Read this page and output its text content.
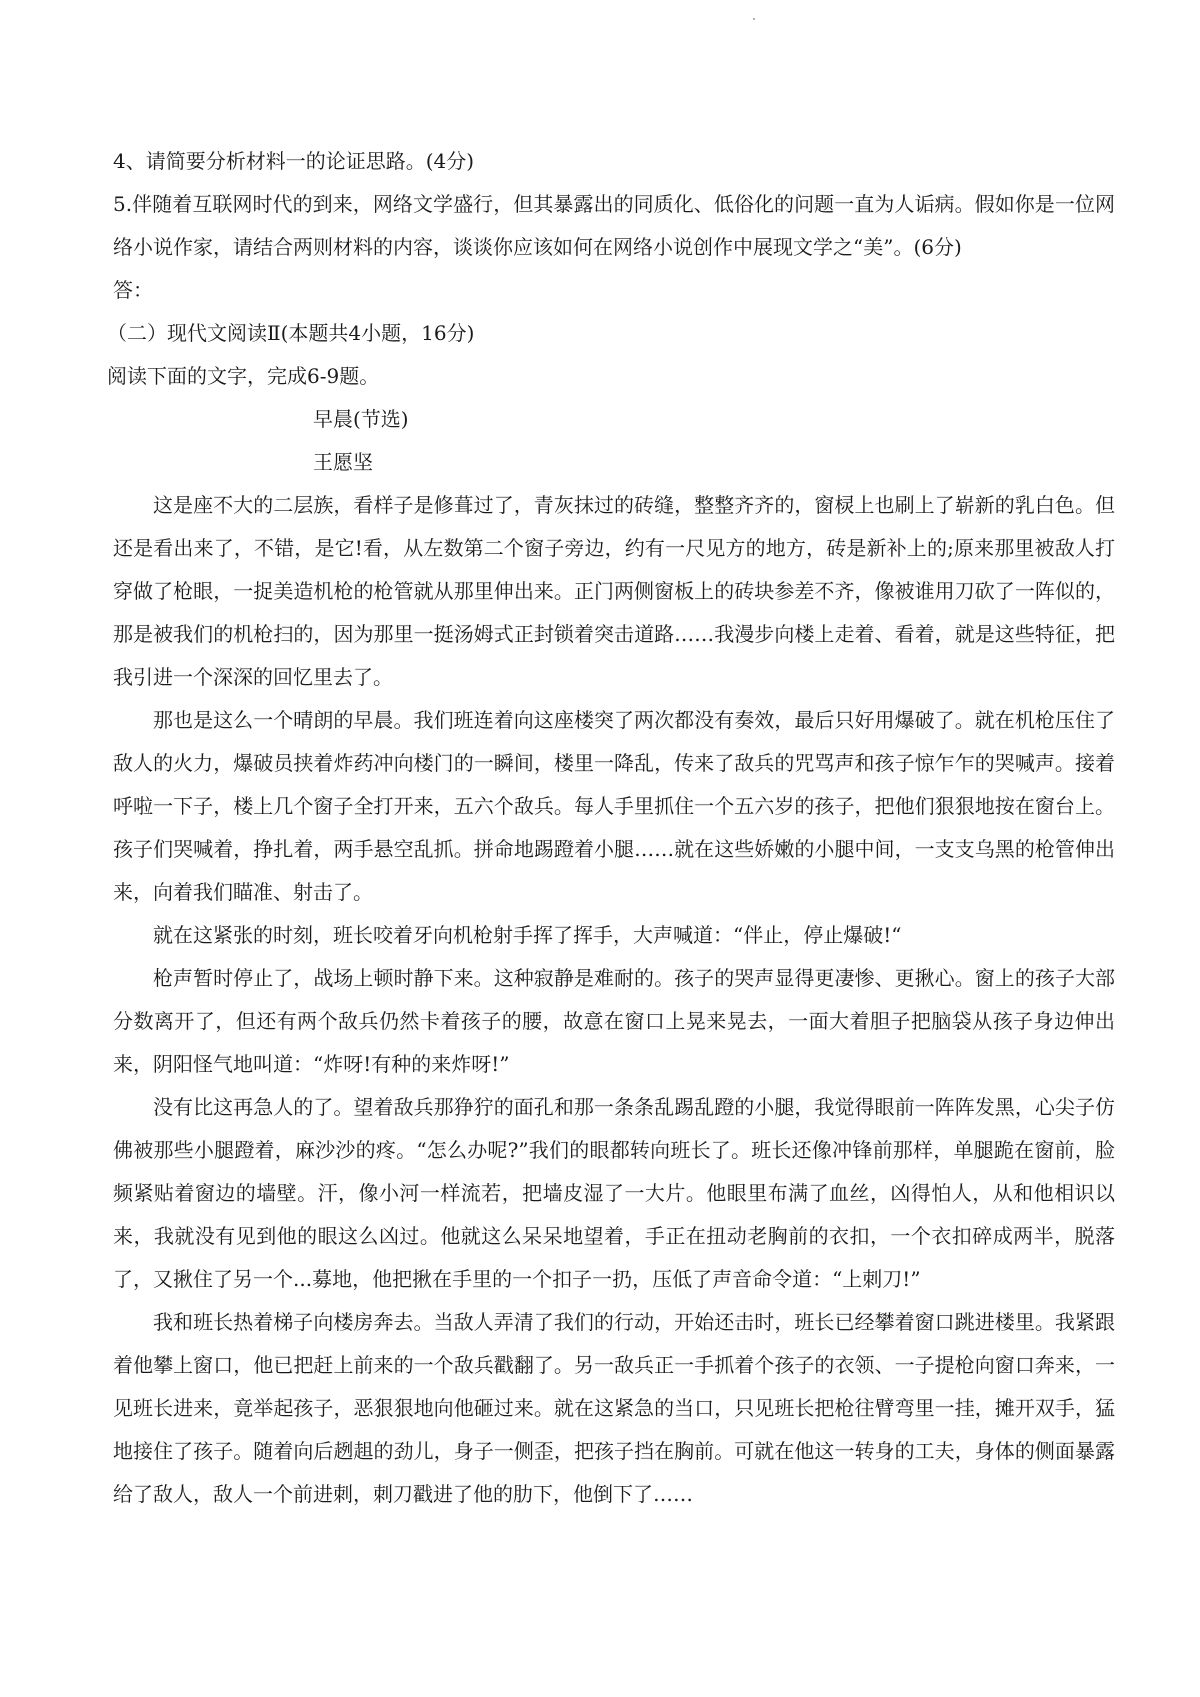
4、请简要分析材料一的论证思路。(4分)

5.伴随着互联网时代的到来，网络文学盛行，但其暴露出的同质化、低俗化的问题一直为人诟病。假如你是一位网络小说作家，请结合两则材料的内容，谈谈你应该如何在网络小说创作中展现文学之“美”。(6分)

答：

（二）现代文阅读Ⅱ(本题共4小题，16分)

阅读下面的文字，完成6-9题。

早晨(节选)

王愿坚

这是座不大的二层族，看样子是修葺过了，青灰抹过的砖缝，整整齐齐的，窗棂上也刷上了崭新的乳白色。但还是看出来了，不错，是它!看，从左数第二个窗子旁边，约有一尺见方的地方，砖是新补上的;原来那里被敌人打穿做了枪眼，一捉美造机枪的枪管就从那里伸出来。正门两侧窗板上的砖块参差不齐，像被谁用刀砍了一阵似的，那是被我们的机枪扫的，因为那里一挺汤姆式正封锁着突击道路……我漫步向楼上走着、看着，就是这些特征，把我引进一个深深的回忆里去了。

那也是这么一个晴朗的早晨。我们班连着向这座楼突了两次都没有奏效，最后只好用爆破了。就在机枪压住了敌人的火力，爆破员挟着炸药冲向楼门的一瞬间，楼里一降乱，传来了敌兵的咒骂声和孩子惊乍乍的哭喊声。接着呼啦一下子，楼上几个窗子全打开来，五六个敌兵。每人手里抓住一个五六岁的孩子，把他们狠狠地按在窗台上。孩子们哭喊着，挣扎着，两手悬空乱抓。拼命地踢蹬着小腿……就在这些娇嫩的小腿中间，一支支乌黑的枪管伸出来，向着我们瞄准、射击了。

就在这紧张的时刻，班长咬着牙向机枪射手挥了挥手，大声喊道：“伴止，停止爆破!“

枪声暂时停止了，战场上顿时静下来。这种寂静是难耐的。孩子的哭声显得更凄惨、更揪心。窗上的孩子大部分数离开了，但还有两个敌兵仍然卡着孩子的腰，故意在窗口上晃来晃去，一面大着胆子把脑袋从孩子身边伸出来，阴阳怪气地叫道：“炸呀!有种的来炸呀!”

没有比这再急人的了。望着敌兵那狰狞的面孔和那一条条乱踢乱蹬的小腿，我觉得眼前一阵阵发黑，心尖子仿佛被那些小腿蹬着，麻沙沙的疼。“怎么办呢?”我们的眼都转向班长了。班长还像冲锋前那样，单腿跪在窗前，脸频紧贴着窗边的墙壁。汗，像小河一样流若，把墙皮湿了一大片。他眼里布满了血丝，凶得怕人，从和他相识以来，我就没有见到他的眼这么凶过。他就这么呆呆地望着，手正在扭动老胸前的衣扣，一个衣扣碎成两半，脱落了，又揪住了另一个...募地，他把揪在手里的一个扣子一扔，压低了声音命令道：“上刺刀!”

我和班长热着梯子向楼房奔去。当敌人弄清了我们的行动，开始还击时，班长已经攀着窗口跳进楼里。我紧跟着他攀上窗口，他已把赶上前来的一个敌兵戳翻了。另一敌兵正一手抓着个孩子的衣领、一子提枪向窗口奔来，一见班长进来，竟举起孩子，恶狠狠地向他砸过来。就在这紧急的当口，只见班长把枪往臂弯里一挂，摊开双手，猛地接住了孩子。随着向后趔趄的劲儿，身子一侧歪，把孩子挡在胸前。可就在他这一转身的工夫，身体的侧面暴露给了敌人，敌人一个前进刺，刺刀戳进了他的肋下，他倒下了……
